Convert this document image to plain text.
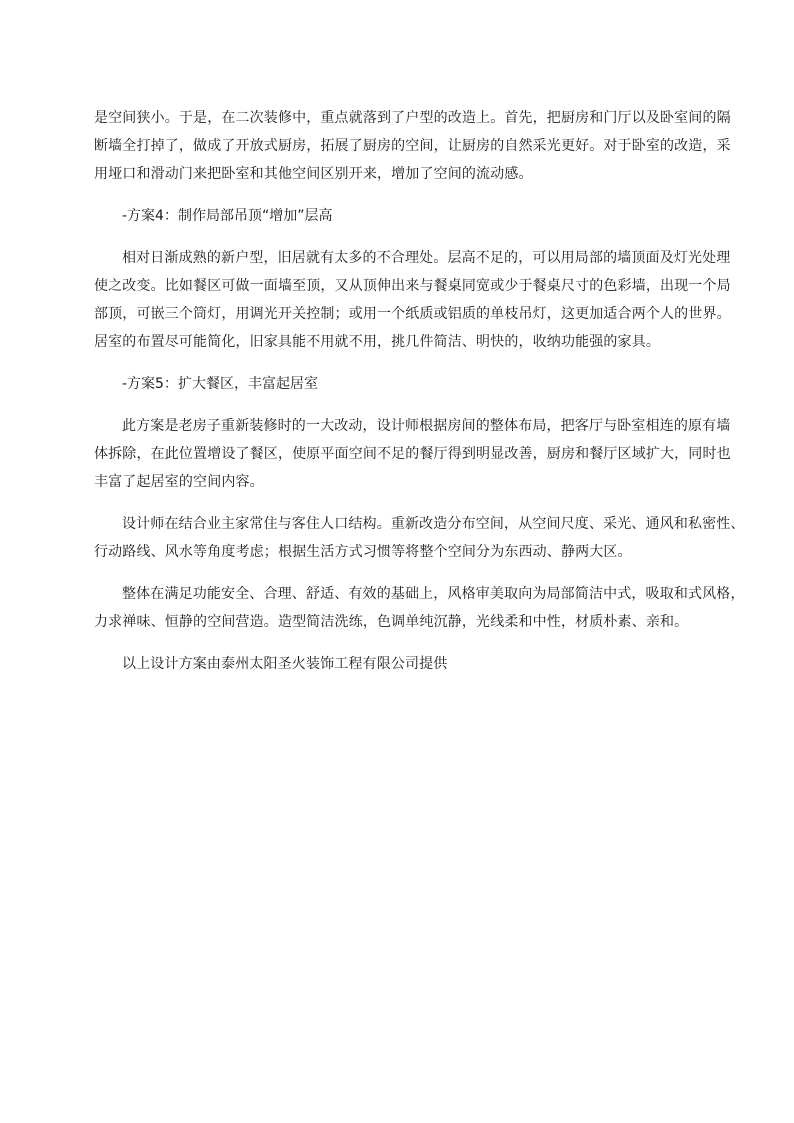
是空间狭小。于是，在二次装修中，重点就落到了户型的改造上。首先，把厨房和门厅以及卧室间的隔
断墙全打掉了，做成了开放式厨房，拓展了厨房的空间，让厨房的自然采光更好。对于卧室的改造，采
用垭口和滑动门来把卧室和其他空间区别开来，增加了空间的流动感。

-方案4：制作局部吊顶“增加”层高

相对日渐成熟的新户型，旧居就有太多的不合理处。层高不足的，可以用局部的墙顶面及灯光处理
使之改变。比如餐区可做一面墙至顶，又从顶伸出来与餐桌同宽或少于餐桌尺寸的色彩墙，出现一个局
部顶，可嵌三个筒灯，用调光开关控制；或用一个纸质或铝质的单枝吊灯，这更加适合两个人的世界。
居室的布置尽可能简化，旧家具能不用就不用，挑几件简洁、明快的，收纳功能强的家具。

-方案5：扩大餐区，丰富起居室

此方案是老房子重新装修时的一大改动，设计师根据房间的整体布局，把客厅与卧室相连的原有墙
体拆除，在此位置增设了餐区，使原平面空间不足的餐厅得到明显改善，厨房和餐厅区域扩大，同时也
丰富了起居室的空间内容。

设计师在结合业主家常住与客住人口结构。重新改造分布空间，从空间尺度、采光、通风和私密性、
行动路线、风水等角度考虑；根据生活方式习惯等将整个空间分为东西动、静两大区。

整体在满足功能安全、合理、舒适、有效的基础上，风格审美取向为局部简洁中式，吸取和式风格，
力求禅味、恒静的空间营造。造型简洁洗练，色调单纯沉静，光线柔和中性，材质朴素、亲和。

以上设计方案由泰州太阳圣火装饰工程有限公司提供
